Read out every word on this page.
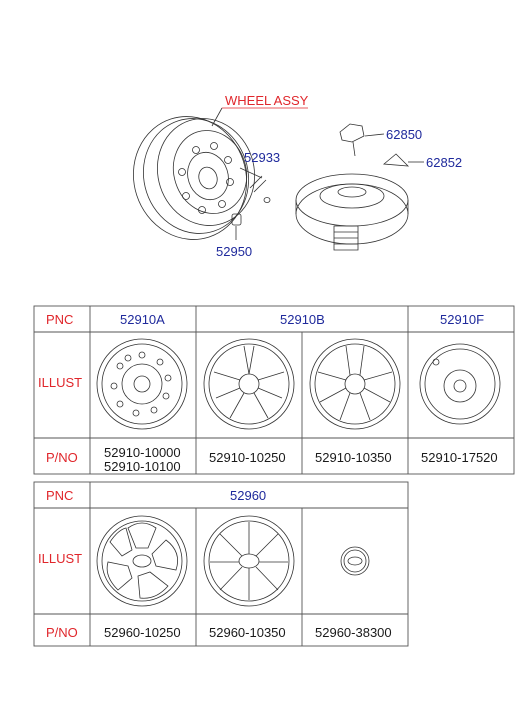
WHEEL ASSY
52933
52950
62850
62852
PNC
ILLUST
P/NO
52910A	52910B	52910F
52910-10000
52910-10100
52910-10250 52910-10350 52910-17520
PNC
ILLUST
P/NO
52960
52960-10250 52960-10350 52960-38300
